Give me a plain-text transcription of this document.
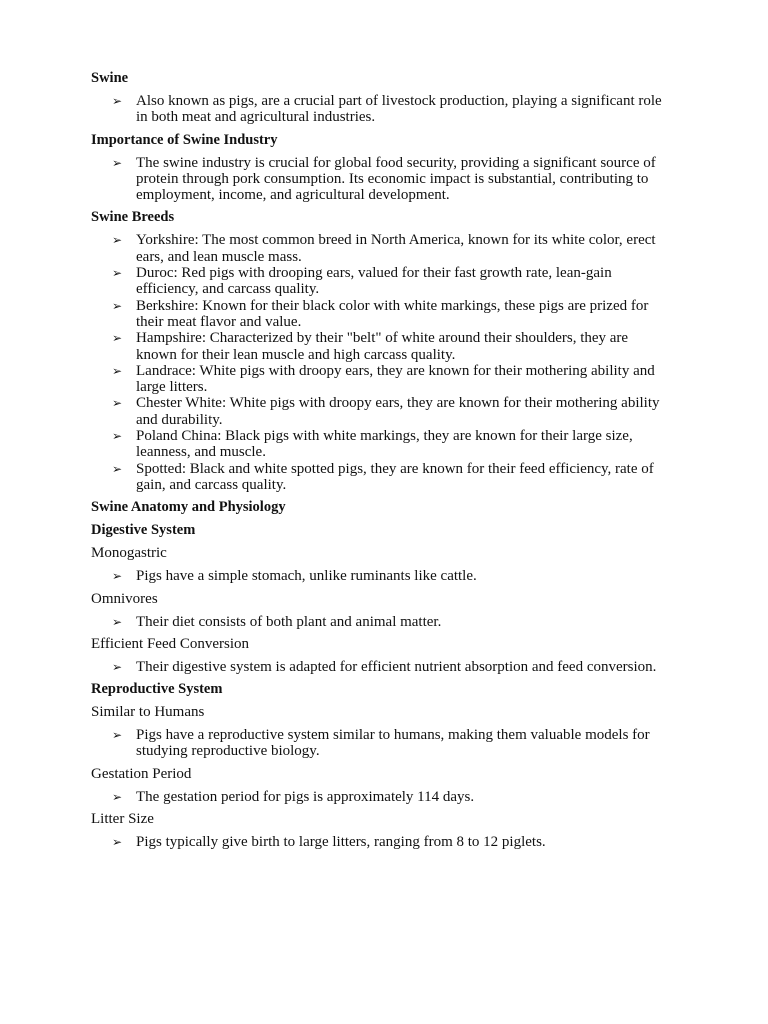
Swine
➢ Also known as pigs, are a crucial part of livestock production, playing a significant role in both meat and agricultural industries.
Importance of Swine Industry
➢ The swine industry is crucial for global food security, providing a significant source of protein through pork consumption. Its economic impact is substantial, contributing to employment, income, and agricultural development.
Swine Breeds
➢ Yorkshire: The most common breed in North America, known for its white color, erect ears, and lean muscle mass.
➢ Duroc: Red pigs with drooping ears, valued for their fast growth rate, lean-gain efficiency, and carcass quality.
➢ Berkshire: Known for their black color with white markings, these pigs are prized for their meat flavor and value.
➢ Hampshire: Characterized by their "belt" of white around their shoulders, they are known for their lean muscle and high carcass quality.
➢ Landrace: White pigs with droopy ears, they are known for their mothering ability and large litters.
➢ Chester White: White pigs with droopy ears, they are known for their mothering ability and durability.
➢ Poland China: Black pigs with white markings, they are known for their large size, leanness, and muscle.
➢ Spotted: Black and white spotted pigs, they are known for their feed efficiency, rate of gain, and carcass quality.
Swine Anatomy and Physiology
Digestive System
Monogastric
➢ Pigs have a simple stomach, unlike ruminants like cattle.
Omnivores
➢ Their diet consists of both plant and animal matter.
Efficient Feed Conversion
➢ Their digestive system is adapted for efficient nutrient absorption and feed conversion.
Reproductive System
Similar to Humans
➢ Pigs have a reproductive system similar to humans, making them valuable models for studying reproductive biology.
Gestation Period
➢ The gestation period for pigs is approximately 114 days.
Litter Size
➢ Pigs typically give birth to large litters, ranging from 8 to 12 piglets.
